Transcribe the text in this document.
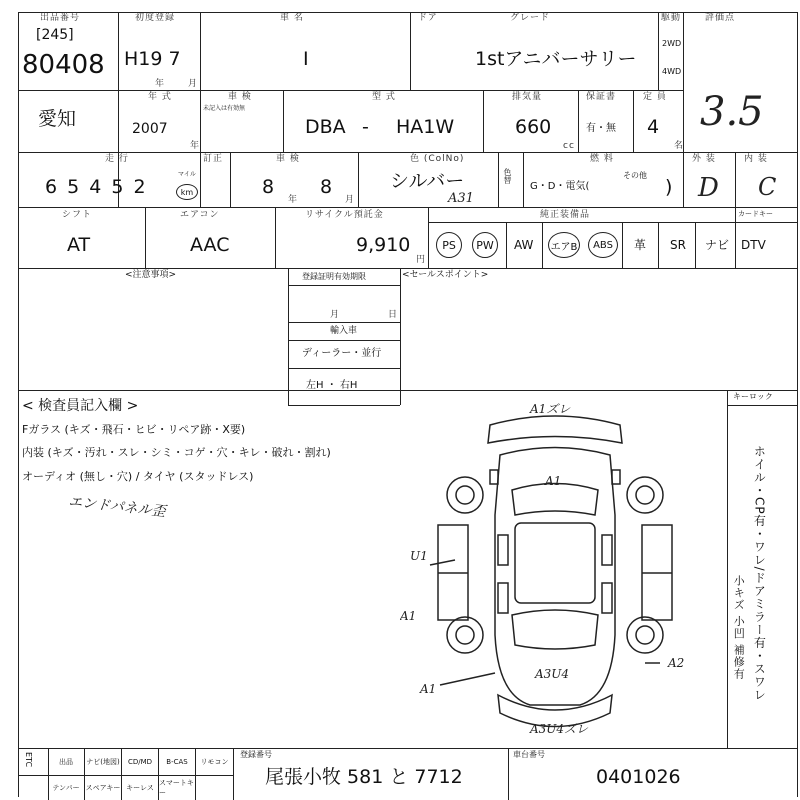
出品番号
[245]
80408
初度登録
H19 7
年	月
車 名
I
ドア	グレード
1stアニバーサリー
駆動
2WD
4WD
評価点
3.5
愛知
年 式
2007
年
車 検
未記入は有効無
型 式
DBA - HA1W
排気量
660
cc
保証書
有・無
定 員
4
名
走 行
6 5 4 5 2
マイル
km
訂正	車 検
8
年
8
月
色 (ColNo)
シルバー
A31
色替
燃 料
G・D・電気(
その他
)
外 装
D
内 装
C
シフト
AT
エアコン
AAC
リサイクル預託金
9,910
円
純正装備品	カードキー
PS PW AW エアB ABS 革 SR ナビ DTV
<注意事項>	登録証明有効期限
月	日
輸入車
ディーラー・並行
左H ・ 右H
<セールスポイント>
< 検査員記入欄 >
Fガラス (キズ・飛石・ヒビ・リペア跡・X要)
内装 (キズ・汚れ・スレ・シミ・コゲ・穴・キレ・破れ・割れ)
オーディオ (無し・穴) / タイヤ (スタッドレス)
エンドパネル歪
キーロック
ホイル・CP有・ワレ/ドアミラー有・スワレ
小キズ 小凹 補修有
A1ズレ
A1
U1
A1
A1
A3U4
A2
A3U4ズレ
出品	ナビ(地図)	CD/MD	B-CAS	リモコン
テンパー スペアキー キーレス
スマートキー
ETC	登録番号
尾張小牧 581 と 7712
車台番号
0401026
